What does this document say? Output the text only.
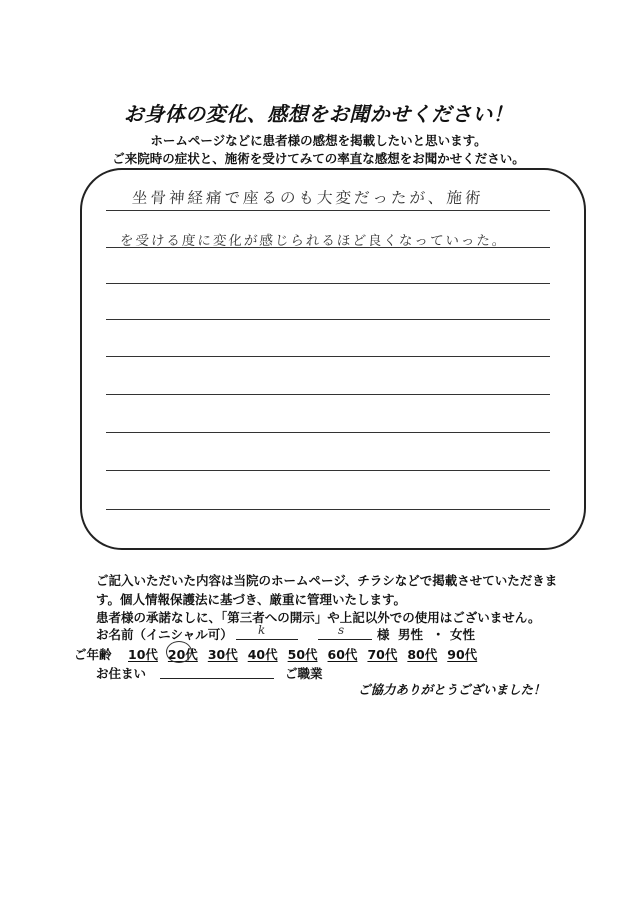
お身体の変化、感想をお聞かせください！
ホームページなどに患者様の感想を掲載したいと思います。
ご来院時の症状と、施術を受けてみての率直な感想をお聞かせください。
坐骨神経痛で座るのも大変だったが、施術
を受ける度に変化が感じられるほど良くなっていった。
ご記入いただいた内容は当院のホームページ、チラシなどで掲載させていただきま
す。個人情報保護法に基づき、厳重に管理いたします。
患者様の承諾なしに、「第三者への開示」や上記以外での使用はございません。
お名前（イニシャル可） k	s	様 男性 ・ 女性
ご年齢 10代 20代 30代 40代 50代 60代 70代 80代 90代
お住まい	ご職業
ご協力ありがとうございました！
